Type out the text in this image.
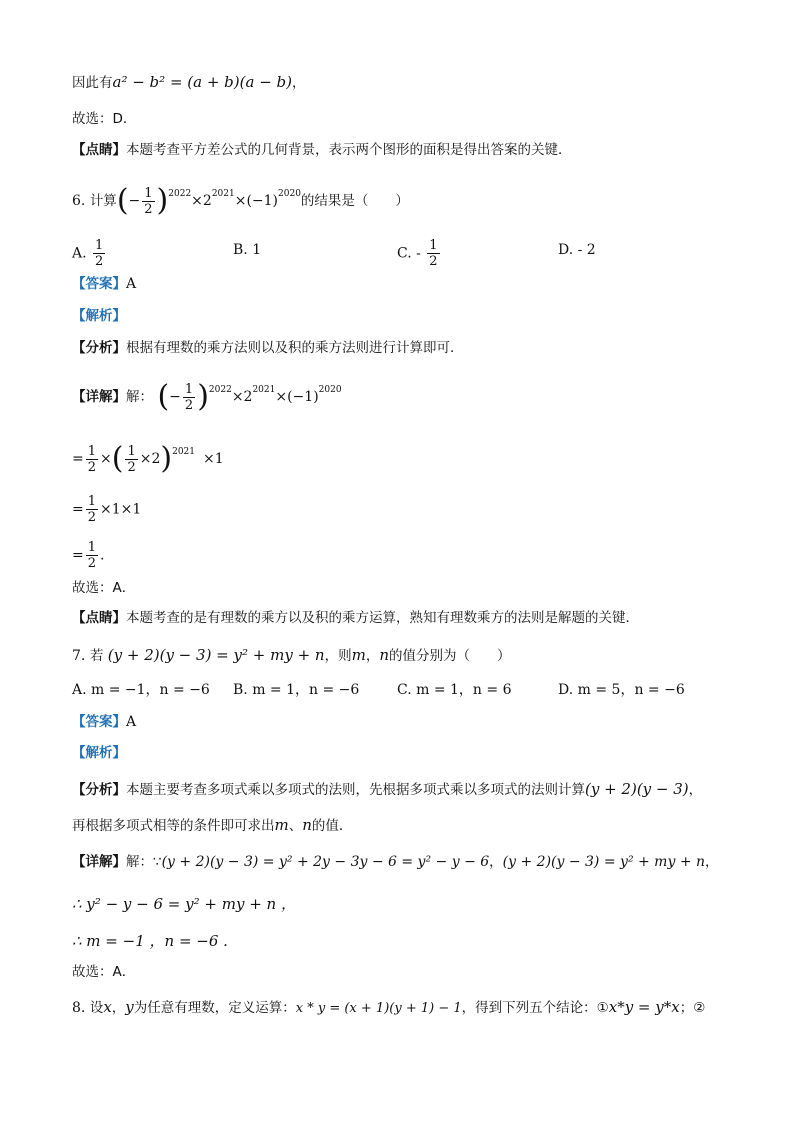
因此有a² − b² = (a + b)(a − b)，
故选：D．
【点睛】本题考查平方差公式的几何背景，表示两个图形的面积是得出答案的关键．
6. 计算(− $\frac{1}{2} )^{2022}\times 2^{2021}\times(-1)^{2020}$的结果是（　　）
A. $\frac{1}{2}$	B. 1	C. - $\frac{1}{2}$	D. - 2
【答案】A
【解析】
【分析】根据有理数的乘方法则以及积的乘方法则进行计算即可．
【详解】解： (− $\frac{1}{2} )^{2022}\times 2^{2021}\times(-1)^{2020}$
= $\frac{1}{2}$ ×( $\frac{1}{2} \times 2)^{2021} \times 1$
= $\frac{1}{2} \times 1\times 1$
= $\frac{1}{2}$ .
故选：A．
【点睛】本题考查的是有理数的乘方以及积的乘方运算，熟知有理数乘方的法则是解题的关键．
7. 若 (y + 2)(y − 3) = y² + my + n，则m，n的值分别为（　　）
A. m = −1，n = −6 B. m = 1，n = −6	C. m = 1，n = 6	D. m = 5，n = −6
【答案】A
【解析】
【分析】本题主要考查多项式乘以多项式的法则，先根据多项式乘以多项式的法则计算(y + 2)(y − 3)，
再根据多项式相等的条件即可求出m、n的值．
【详解】解：∵(y + 2)(y − 3) = y² + 2y − 3y − 6 = y² − y − 6，(y + 2)(y − 3) = y² + my + n，
∴ y² − y − 6 = y² + my + n ，
∴ m = −1 ，n = −6 .
故选：A．
8. 设x，y为任意有理数，定义运算：x * y = (x + 1)(y + 1) − 1，得到下列五个结论：①x*y = y*x；②
